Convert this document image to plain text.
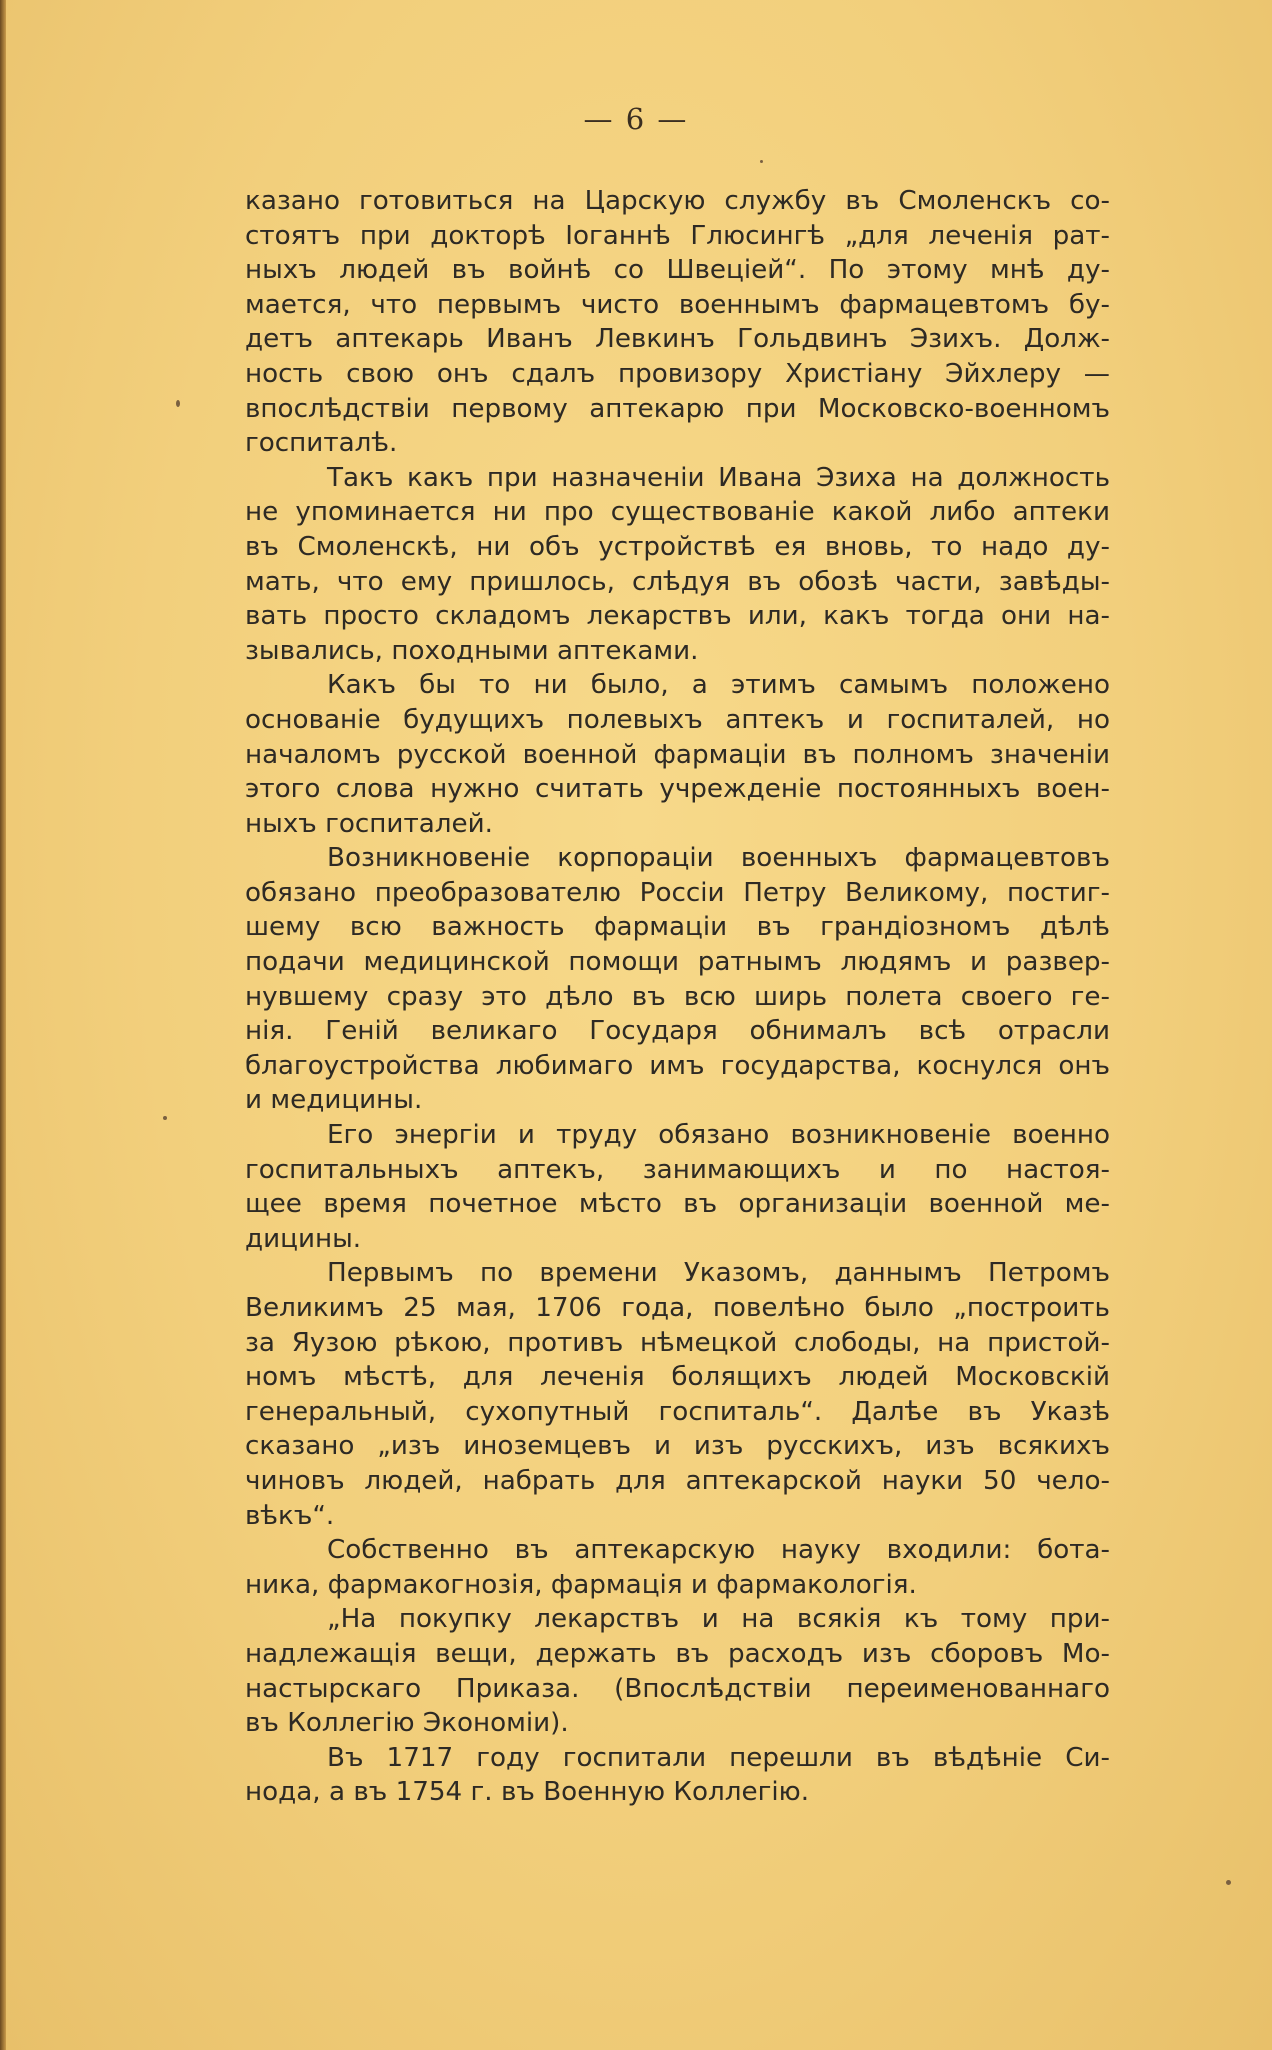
— 6 —
казано готовиться на Царскую службу въ Смоленскъ со-
стоятъ при докторѣ Іоганнѣ Глюсингѣ „для леченія рат-
ныхъ людей въ войнѣ со Швеціей“. По этому мнѣ ду-
мается, что первымъ чисто военнымъ фармацевтомъ бу-
детъ аптекарь Иванъ Левкинъ Гольдвинъ Эзихъ. Долж-
ность свою онъ сдалъ провизору Христіану Эйхлеру —
впослѣдствіи первому аптекарю при Московско-военномъ
госпиталѣ.
Такъ какъ при назначеніи Ивана Эзиха на должность
не упоминается ни про существованіе какой либо аптеки
въ Смоленскѣ, ни объ устройствѣ ея вновь, то надо ду-
мать, что ему пришлось, слѣдуя въ обозѣ части, завѣды-
вать просто складомъ лекарствъ или, какъ тогда они на-
зывались, походными аптеками.
Какъ бы то ни было, а этимъ самымъ положено
основаніе будущихъ полевыхъ аптекъ и госпиталей, но
началомъ русской военной фармаціи въ полномъ значеніи
этого слова нужно считать учрежденіе постоянныхъ воен-
ныхъ госпиталей.
Возникновеніе корпораціи военныхъ фармацевтовъ
обязано преобразователю Россіи Петру Великому, постиг-
шему всю важность фармаціи въ грандіозномъ дѣлѣ
подачи медицинской помощи ратнымъ людямъ и развер-
нувшему сразу это дѣло въ всю ширь полета своего ге-
нія. Геній великаго Государя обнималъ всѣ отрасли
благоустройства любимаго имъ государства, коснулся онъ
и медицины.
Его энергіи и труду обязано возникновеніе военно
госпитальныхъ аптекъ, занимающихъ и по настоя-
щее время почетное мѣсто въ организаціи военной ме-
дицины.
Первымъ по времени Указомъ, даннымъ Петромъ
Великимъ 25 мая, 1706 года, повелѣно было „построить
за Яузою рѣкою, противъ нѣмецкой слободы, на пристой-
номъ мѣстѣ, для леченія болящихъ людей Московскій
генеральный, сухопутный госпиталь“. Далѣе въ Указѣ
сказано „изъ иноземцевъ и изъ русскихъ, изъ всякихъ
чиновъ людей, набрать для аптекарской науки 50 чело-
вѣкъ“.
Собственно въ аптекарскую науку входили: бота-
ника, фармакогнозія, фармація и фармакологія.
„На покупку лекарствъ и на всякія къ тому при-
надлежащія вещи, держать въ расходъ изъ сборовъ Мо-
настырскаго Приказа. (Впослѣдствіи переименованнаго
въ Коллегію Экономіи).
Въ 1717 году госпитали перешли въ вѣдѣніе Си-
нода, а въ 1754 г. въ Военную Коллегію.
